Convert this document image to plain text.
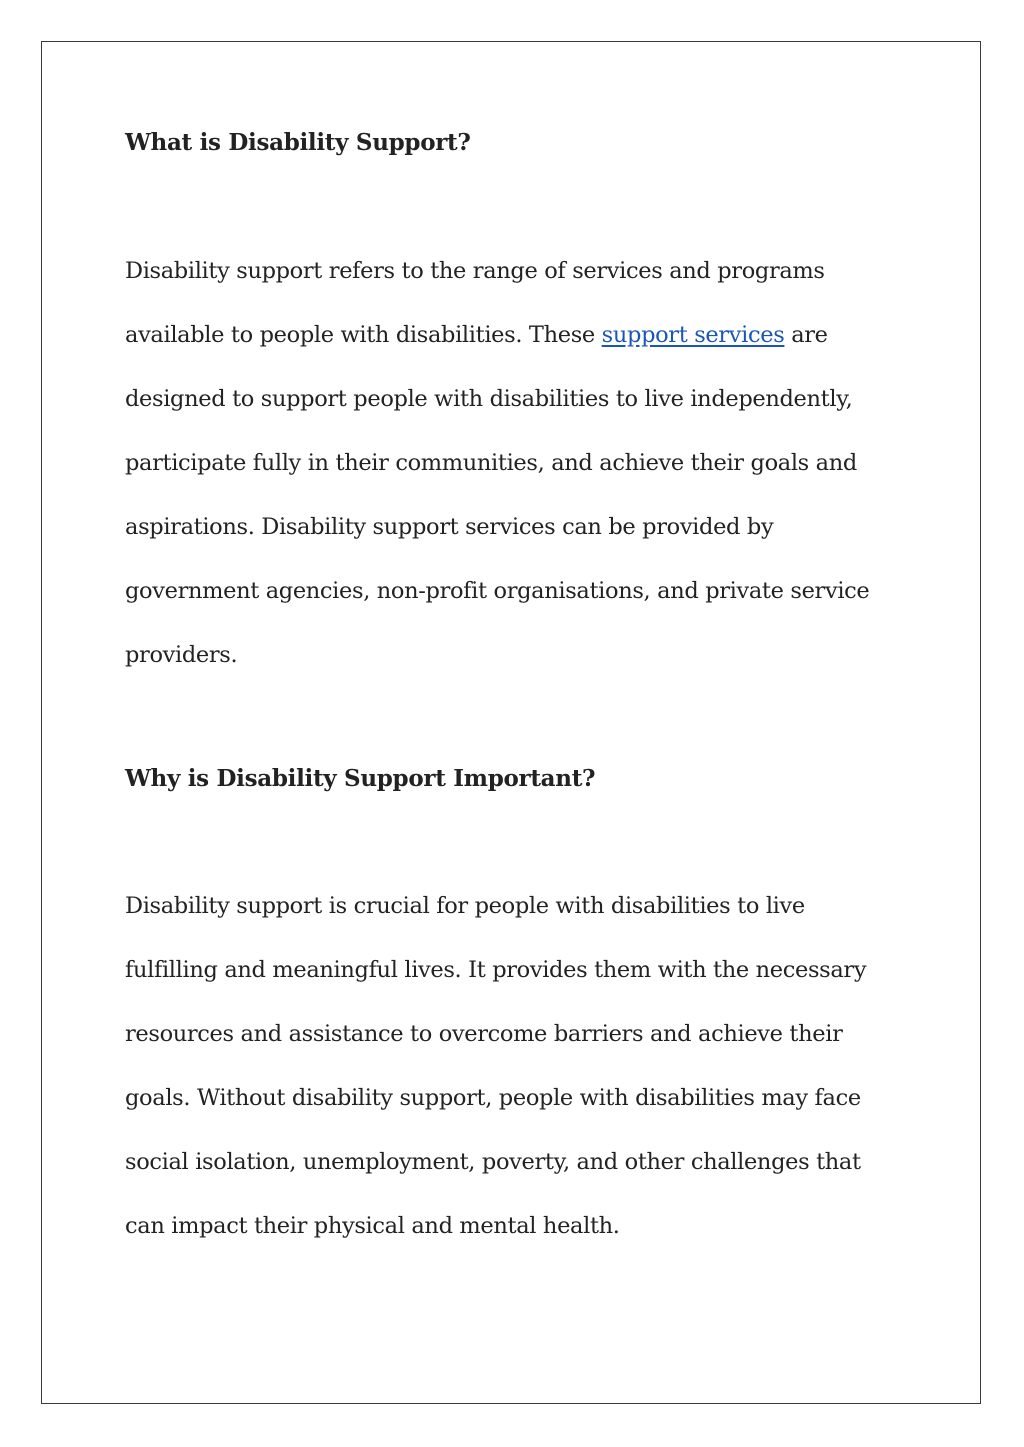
What is Disability Support?

Disability support refers to the range of services and programs

available to people with disabilities. These support services are

designed to support people with disabilities to live independently,

participate fully in their communities, and achieve their goals and

aspirations. Disability support services can be provided by

government agencies, non-profit organisations, and private service

providers.

Why is Disability Support Important?

Disability support is crucial for people with disabilities to live

fulfilling and meaningful lives. It provides them with the necessary

resources and assistance to overcome barriers and achieve their

goals. Without disability support, people with disabilities may face

social isolation, unemployment, poverty, and other challenges that

can impact their physical and mental health.
